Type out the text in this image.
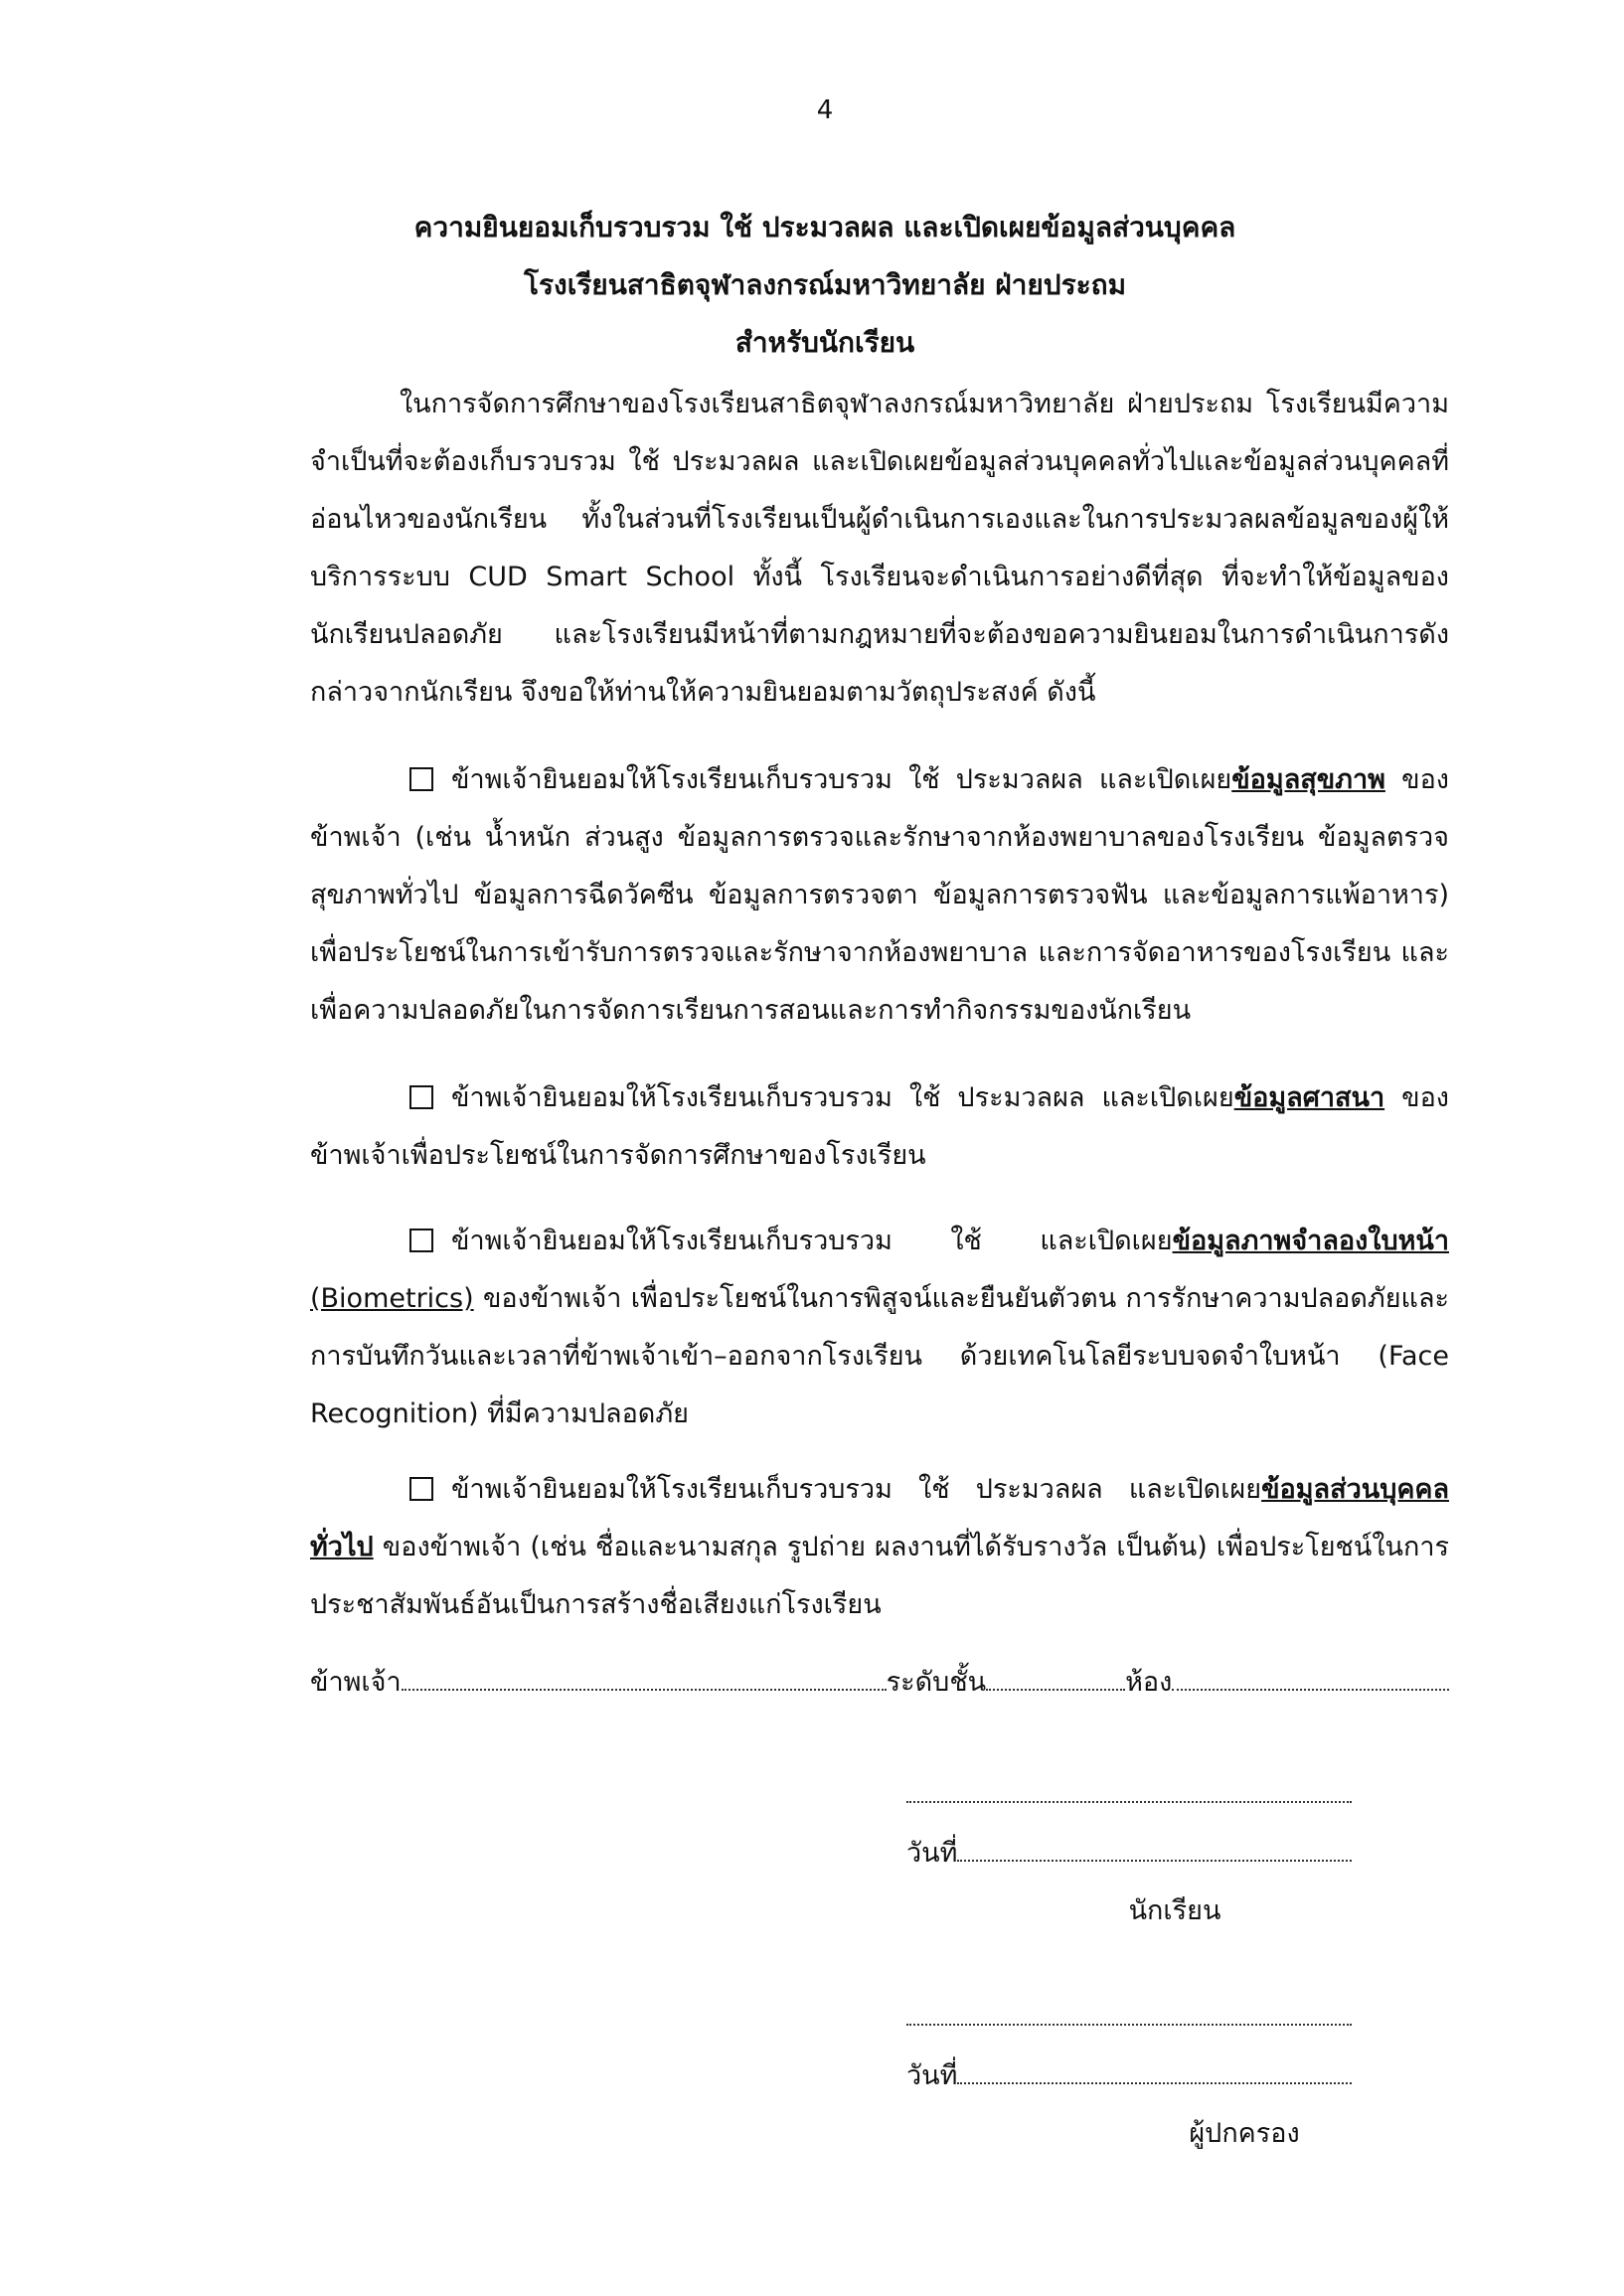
4
ความยินยอมเก็บรวบรวม ใช้ ประมวลผล และเปิดเผยข้อมูลส่วนบุคคล
โรงเรียนสาธิตจุฬาลงกรณ์มหาวิทยาลัย ฝ่ายประถม
สำหรับนักเรียน
ในการจัดการศึกษาของโรงเรียนสาธิตจุฬาลงกรณ์มหาวิทยาลัย ฝ่ายประถม โรงเรียนมีความจำเป็นที่จะต้องเก็บรวบรวม ใช้ ประมวลผล และเปิดเผยข้อมูลส่วนบุคคลทั่วไปและข้อมูลส่วนบุคคลที่อ่อนไหวของนักเรียน ทั้งในส่วนที่โรงเรียนเป็นผู้ดำเนินการเองและในการประมวลผลข้อมูลของผู้ให้บริการระบบ CUD Smart School ทั้งนี้ โรงเรียนจะดำเนินการอย่างดีที่สุด ที่จะทำให้ข้อมูลของนักเรียนปลอดภัย และโรงเรียนมีหน้าที่ตามกฎหมายที่จะต้องขอความยินยอมในการดำเนินการดังกล่าวจากนักเรียน จึงขอให้ท่านให้ความยินยอมตามวัตถุประสงค์ ดังนี้
ข้าพเจ้ายินยอมให้โรงเรียนเก็บรวบรวม ใช้ ประมวลผล และเปิดเผยข้อมูลสุขภาพ ของข้าพเจ้า (เช่น น้ำหนัก ส่วนสูง ข้อมูลการตรวจและรักษาจากห้องพยาบาลของโรงเรียน ข้อมูลตรวจสุขภาพทั่วไป ข้อมูลการฉีดวัคซีน ข้อมูลการตรวจตา ข้อมูลการตรวจฟัน และข้อมูลการแพ้อาหาร) เพื่อประโยชน์ในการเข้ารับการตรวจและรักษาจากห้องพยาบาล และการจัดอาหารของโรงเรียน และเพื่อความปลอดภัยในการจัดการเรียนการสอนและการทำกิจกรรมของนักเรียน
ข้าพเจ้ายินยอมให้โรงเรียนเก็บรวบรวม ใช้ ประมวลผล และเปิดเผยข้อมูลศาสนา ของข้าพเจ้าเพื่อประโยชน์ในการจัดการศึกษาของโรงเรียน
ข้าพเจ้ายินยอมให้โรงเรียนเก็บรวบรวม ใช้ และเปิดเผยข้อมูลภาพจำลองใบหน้า (Biometrics) ของข้าพเจ้า เพื่อประโยชน์ในการพิสูจน์และยืนยันตัวตน การรักษาความปลอดภัยและการบันทึกวันและเวลาที่ข้าพเจ้าเข้า–ออกจากโรงเรียน ด้วยเทคโนโลยีระบบจดจำใบหน้า (Face Recognition) ที่มีความปลอดภัย
ข้าพเจ้ายินยอมให้โรงเรียนเก็บรวบรวม ใช้ ประมวลผล และเปิดเผยข้อมูลส่วนบุคคลทั่วไป ของข้าพเจ้า (เช่น ชื่อและนามสกุล รูปถ่าย ผลงานที่ได้รับรางวัล เป็นต้น) เพื่อประโยชน์ในการประชาสัมพันธ์อันเป็นการสร้างชื่อเสียงแก่โรงเรียน
ข้าพเจ้า	ระดับชั้น	ห้อง
วันที่
นักเรียน
วันที่
ผู้ปกครอง
